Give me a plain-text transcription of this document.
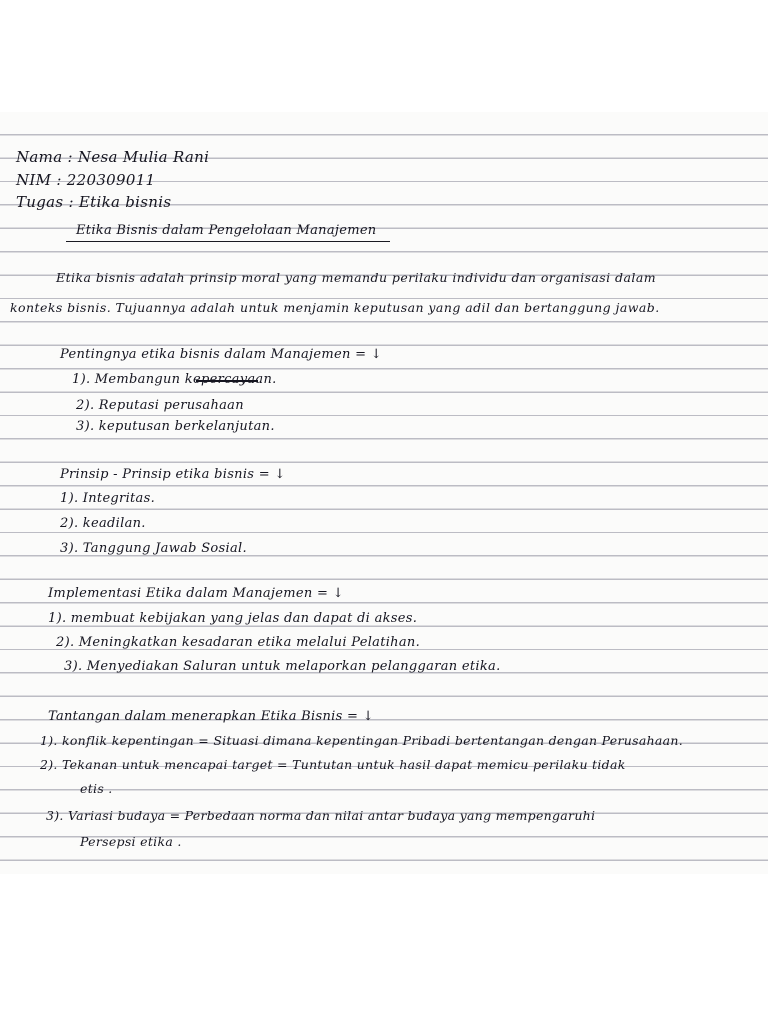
Nama : Nesa Mulia Rani
NIM : 220309011
Tugas : Etika bisnis
Etika Bisnis dalam Pengelolaan Manajemen
Etika bisnis adalah prinsip moral yang memandu perilaku individu dan organisasi dalam
konteks bisnis. Tujuannya adalah untuk menjamin keputusan yang adil dan bertanggung jawab.
Pentingnya etika bisnis dalam Manajemen = ↓
1). Membangun kepercayaan.
2). Reputasi perusahaan
3). keputusan berkelanjutan.
Prinsip - Prinsip etika bisnis = ↓
1). Integritas.
2). keadilan.
3). Tanggung Jawab Sosial.
Implementasi Etika dalam Manajemen = ↓
1). membuat kebijakan yang jelas dan dapat di akses.
2). Meningkatkan kesadaran etika melalui Pelatihan.
3). Menyediakan Saluran untuk melaporkan pelanggaran etika.
Tantangan dalam menerapkan Etika Bisnis = ↓
1). konflik kepentingan = Situasi dimana kepentingan Pribadi bertentangan dengan Perusahaan.
2). Tekanan untuk mencapai target = Tuntutan untuk hasil dapat memicu perilaku tidak
etis .
3). Variasi budaya = Perbedaan norma dan nilai antar budaya yang mempengaruhi
Persepsi etika .
